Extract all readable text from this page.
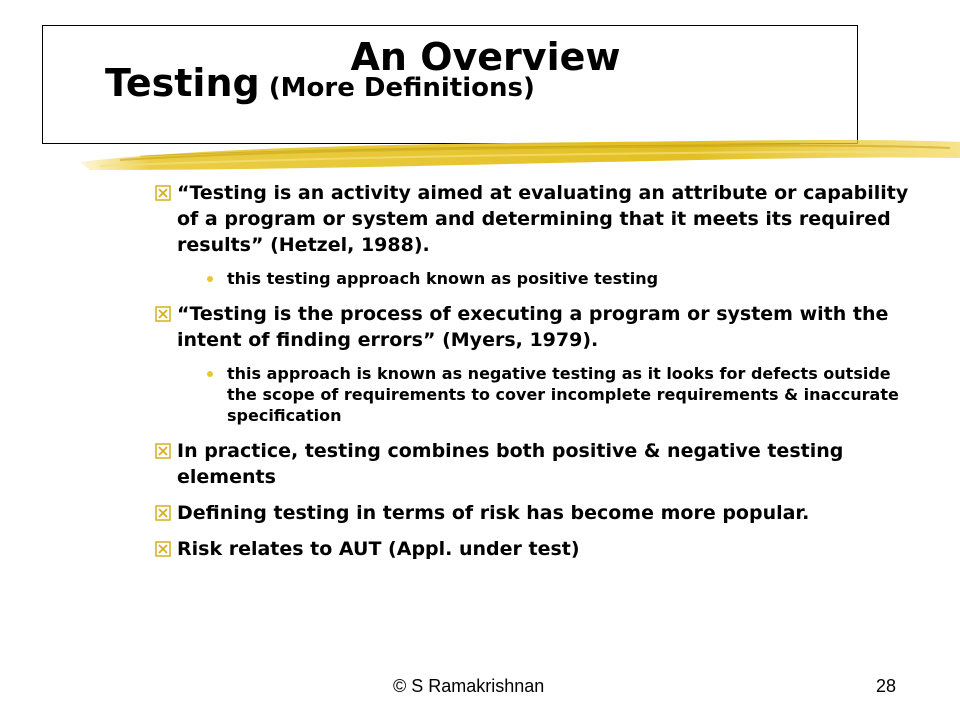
An Overview
Testing (More Definitions)
“Testing is an activity aimed at evaluating an attribute or capability of a program or system and determining that it meets its required results” (Hetzel, 1988).
this testing approach known as positive testing
“Testing is the process of executing a program or system with the intent of finding errors” (Myers, 1979).
this approach is known as negative testing as it looks for defects outside the scope of requirements to cover incomplete requirements & inaccurate specification
In practice, testing combines both positive & negative testing elements
Defining testing in terms of risk has become more popular.
Risk relates to AUT (Appl. under test)
© S Ramakrishnan	28
